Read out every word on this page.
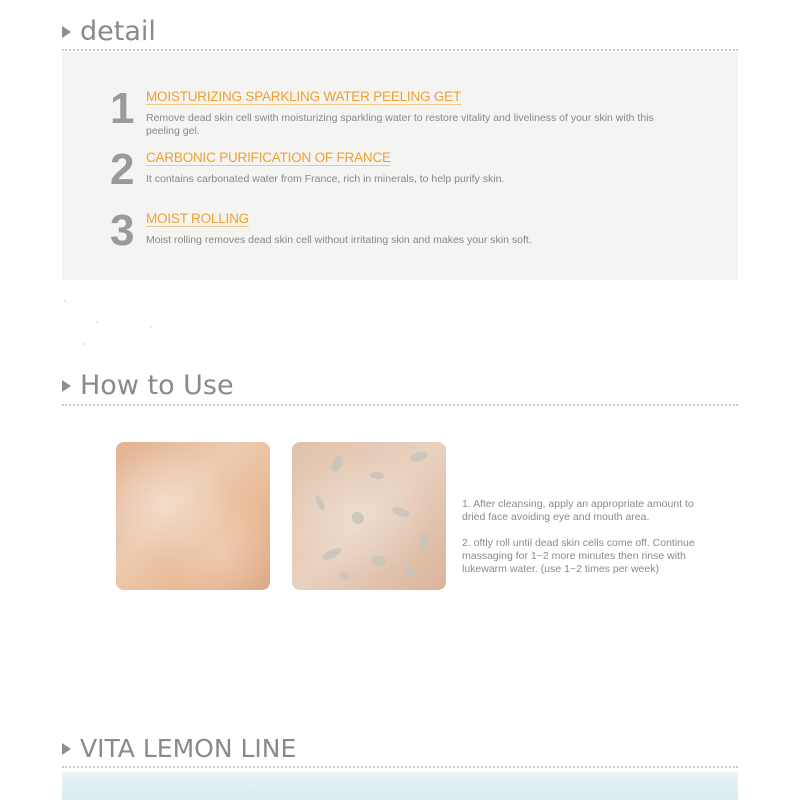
detail
1 MOISTURIZING SPARKLING WATER PEELING GET
Remove dead skin cell swith moisturizing sparkling water to restore vitality and liveliness of your skin with this peeling gel.
2 CARBONIC PURIFICATION OF FRANCE
It contains carbonated water from France, rich in minerals, to help purify skin.
3 MOIST ROLLING
Moist rolling removes dead skin cell without irritating skin and makes your skin soft.
How to Use

1. After cleansing, apply an appropriate amount to dried face avoiding eye and mouth area.

2. oftly roll until dead skin cells come off. Continue massaging for 1~2 more minutes then rinse with lukewarm water. (use 1~2 times per week)

VITA LEMON LINE
